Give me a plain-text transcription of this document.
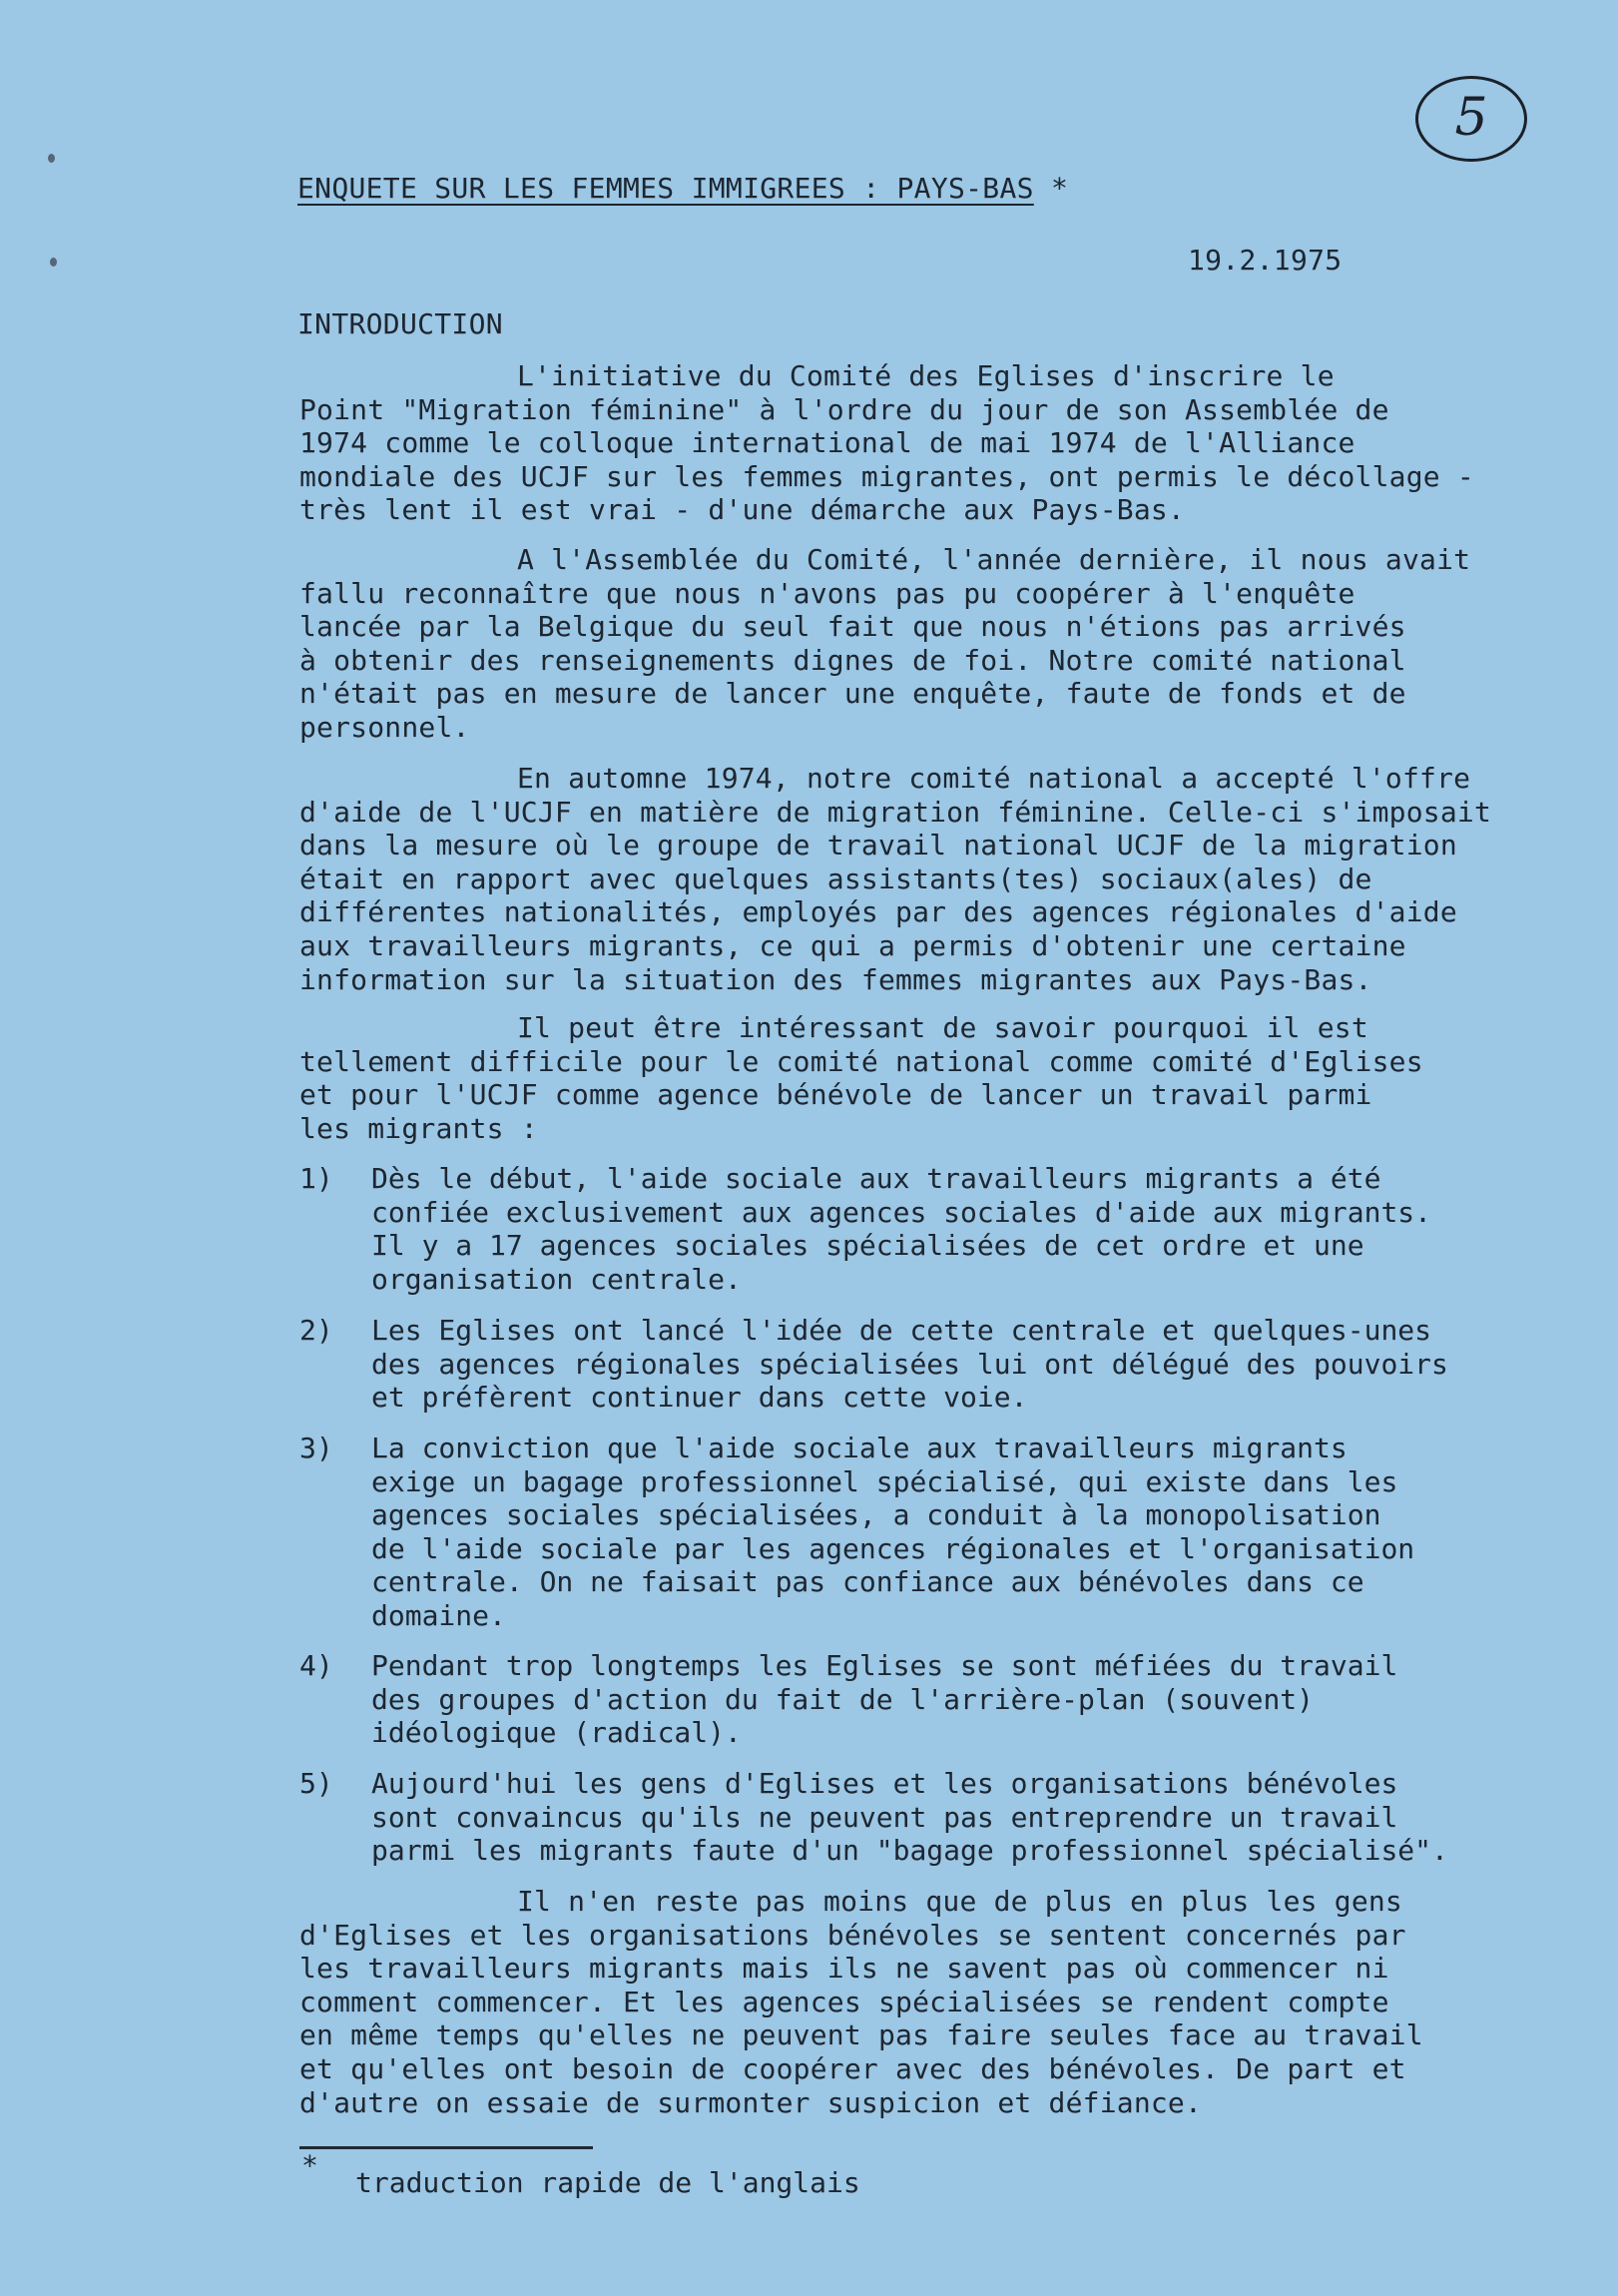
5
ENQUETE SUR LES FEMMES IMMIGREES : PAYS-BAS *
19.2.1975
INTRODUCTION
L'initiative du Comité des Eglises d'inscrire le
Point "Migration féminine" à l'ordre du jour de son Assemblée de
1974 comme le colloque international de mai 1974 de l'Alliance
mondiale des UCJF sur les femmes migrantes, ont permis le décollage -
très lent il est vrai - d'une démarche aux Pays-Bas.
A l'Assemblée du Comité, l'année dernière, il nous avait
fallu reconnaître que nous n'avons pas pu coopérer à l'enquête
lancée par la Belgique du seul fait que nous n'étions pas arrivés
à obtenir des renseignements dignes de foi. Notre comité national
n'était pas en mesure de lancer une enquête, faute de fonds et de
personnel.
En automne 1974, notre comité national a accepté l'offre
d'aide de l'UCJF en matière de migration féminine. Celle-ci s'imposait
dans la mesure où le groupe de travail national UCJF de la migration
était en rapport avec quelques assistants(tes) sociaux(ales) de
différentes nationalités, employés par des agences régionales d'aide
aux travailleurs migrants, ce qui a permis d'obtenir une certaine
information sur la situation des femmes migrantes aux Pays-Bas.
Il peut être intéressant de savoir pourquoi il est
tellement difficile pour le comité national comme comité d'Eglises
et pour l'UCJF comme agence bénévole de lancer un travail parmi
les migrants :
1) Dès le début, l'aide sociale aux travailleurs migrants a été
confiée exclusivement aux agences sociales d'aide aux migrants.
Il y a 17 agences sociales spécialisées de cet ordre et une
organisation centrale.
2) Les Eglises ont lancé l'idée de cette centrale et quelques-unes
des agences régionales spécialisées lui ont délégué des pouvoirs
et préfèrent continuer dans cette voie.
3) La conviction que l'aide sociale aux travailleurs migrants
exige un bagage professionnel spécialisé, qui existe dans les
agences sociales spécialisées, a conduit à la monopolisation
de l'aide sociale par les agences régionales et l'organisation
centrale. On ne faisait pas confiance aux bénévoles dans ce
domaine.
4) Pendant trop longtemps les Eglises se sont méfiées du travail
des groupes d'action du fait de l'arrière-plan (souvent)
idéologique (radical).
5) Aujourd'hui les gens d'Eglises et les organisations bénévoles
sont convaincus qu'ils ne peuvent pas entreprendre un travail
parmi les migrants faute d'un "bagage professionnel spécialisé".
Il n'en reste pas moins que de plus en plus les gens
d'Eglises et les organisations bénévoles se sentent concernés par
les travailleurs migrants mais ils ne savent pas où commencer ni
comment commencer. Et les agences spécialisées se rendent compte
en même temps qu'elles ne peuvent pas faire seules face au travail
et qu'elles ont besoin de coopérer avec des bénévoles. De part et
d'autre on essaie de surmonter suspicion et défiance.
*
traduction rapide de l'anglais
